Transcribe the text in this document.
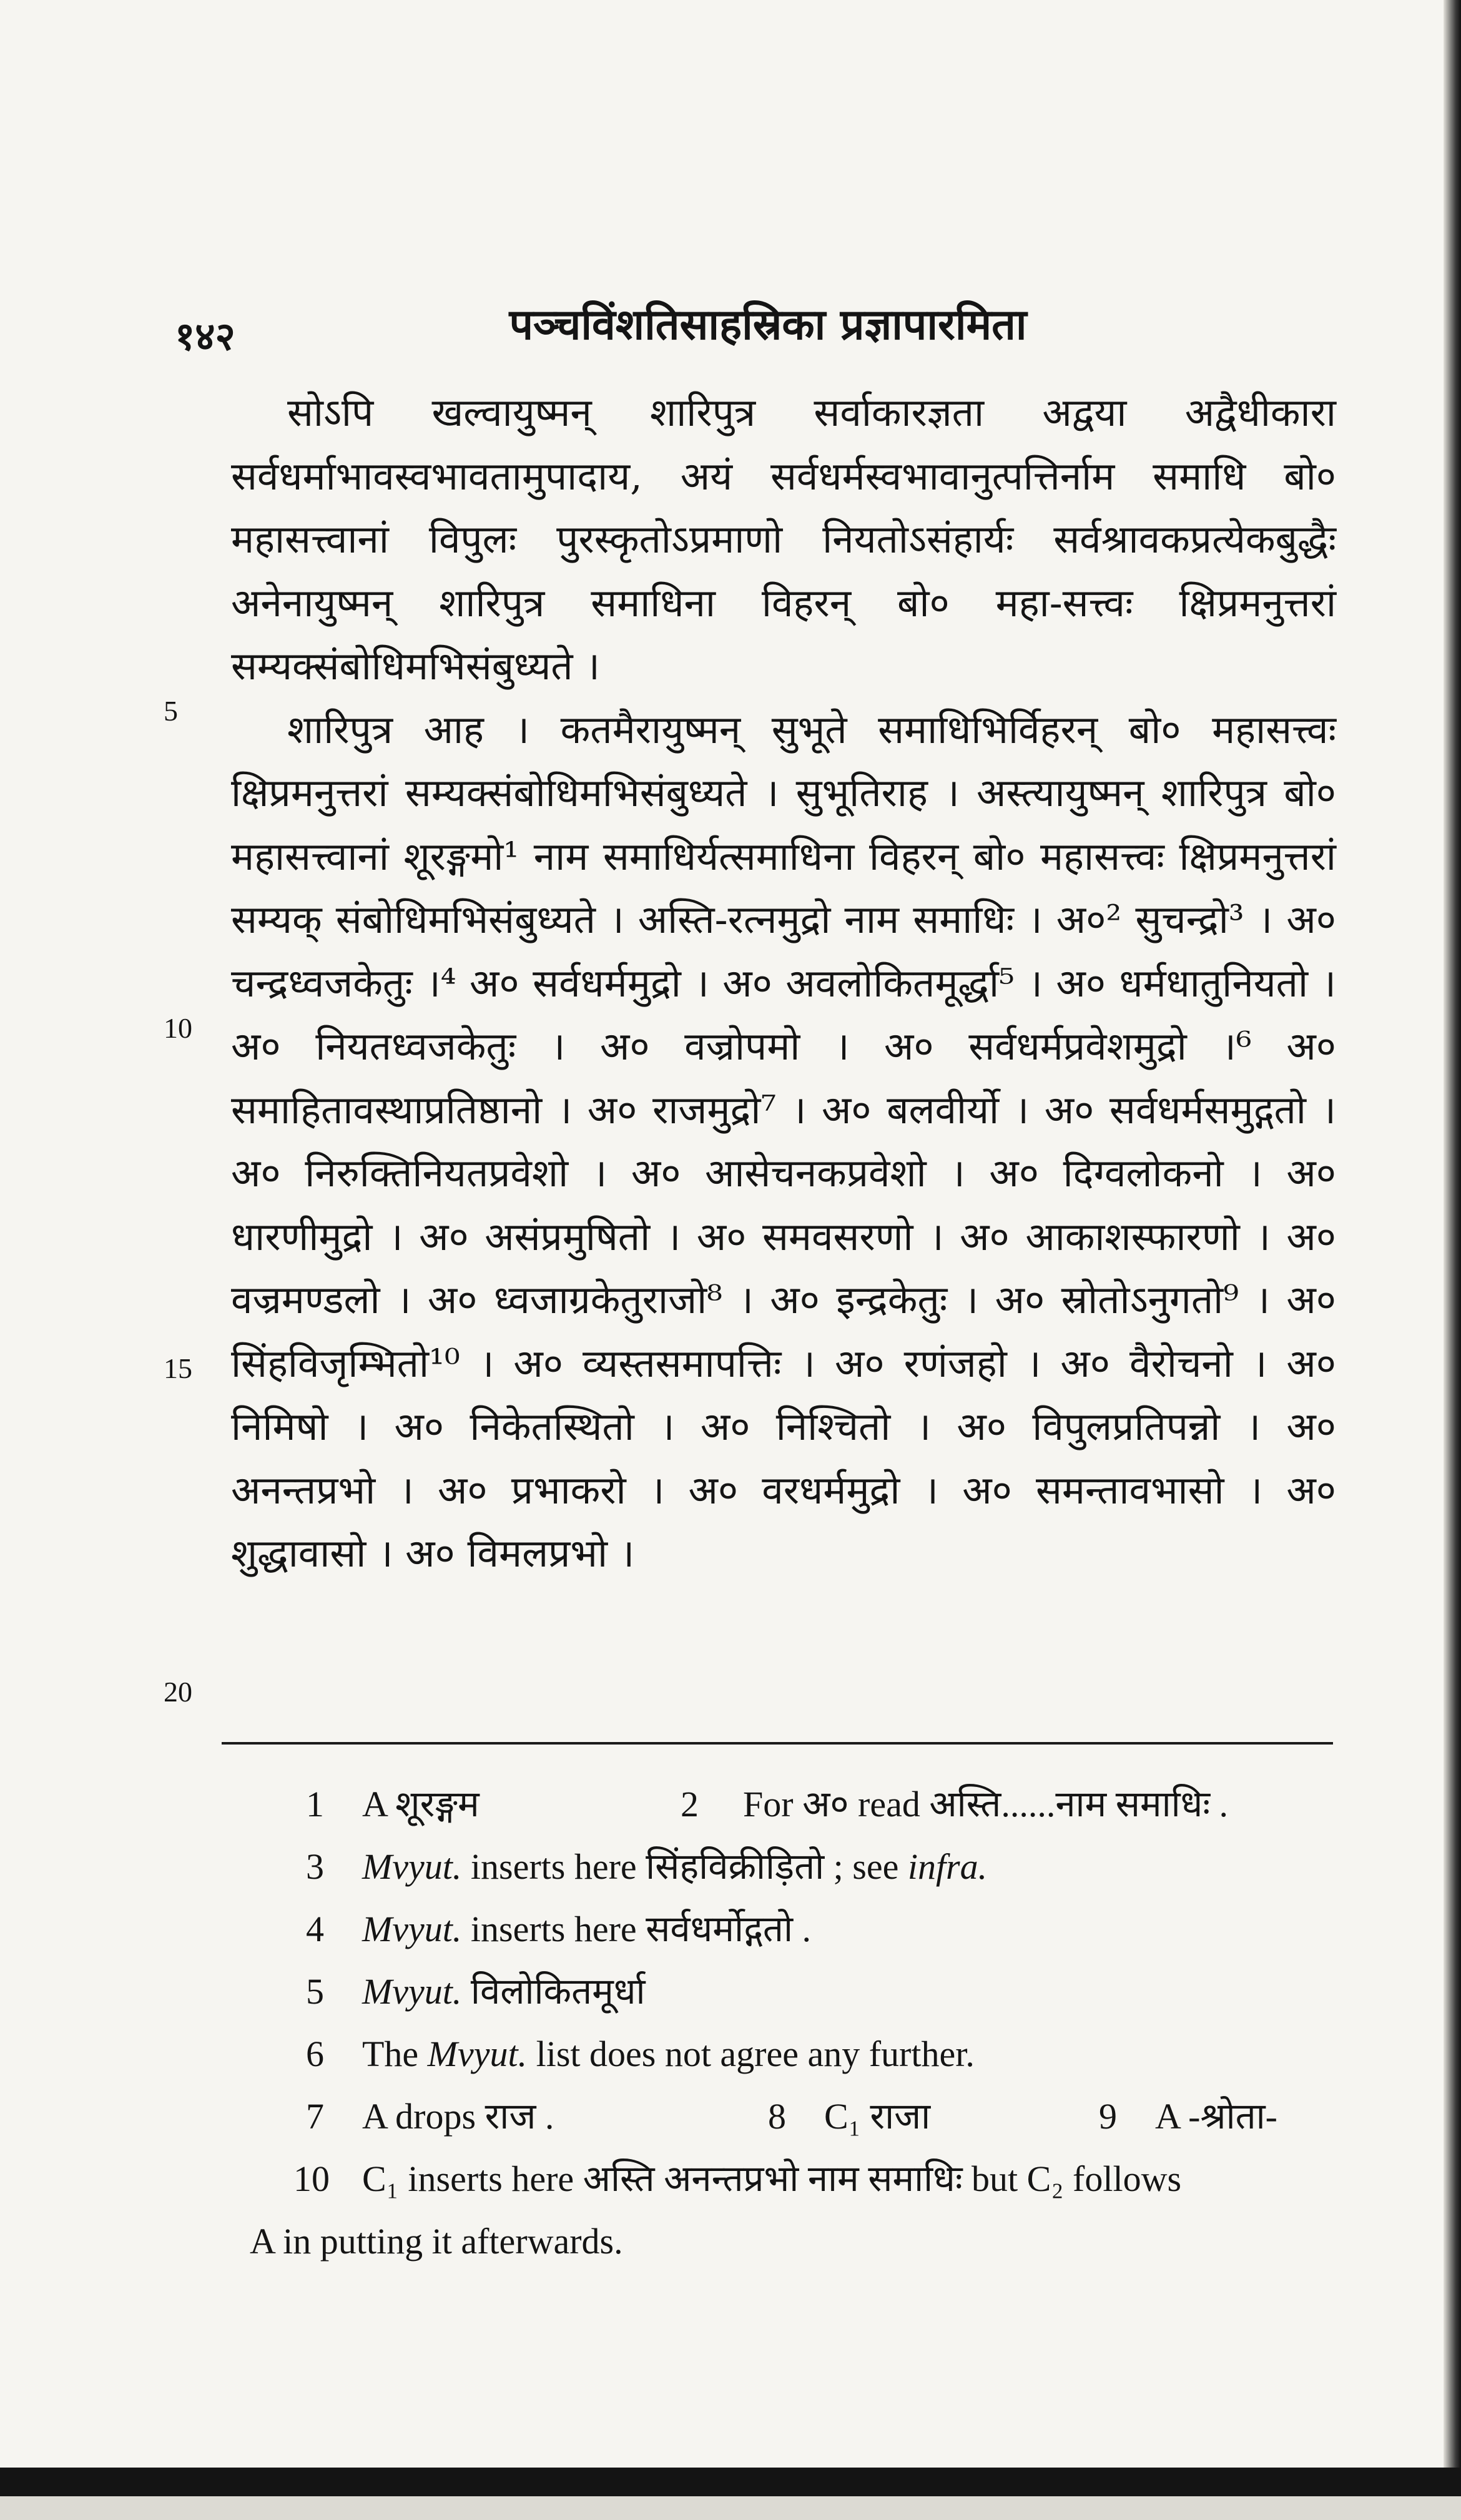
१४२	पञ्चविंशतिसाहस्रिका प्रज्ञापारमिता
5
10
15
20

सोऽपि खल्वायुष्मन् शारिपुत्र सर्वाकारज्ञता अद्वया अद्वैधीकारा सर्वधर्माभावस्वभावतामुपादाय, अयं सर्वधर्मस्वभावानुत्पत्तिर्नाम समाधि बो० महासत्त्वानां विपुलः पुरस्कृतोऽप्रमाणो नियतोऽसंहार्यः सर्वश्रावकप्रत्येकबुद्धैः अनेनायुष्मन् शारिपुत्र समाधिना विहरन् बो० महा-सत्त्वः क्षिप्रमनुत्तरां सम्यक्संबोधिमभिसंबुध्यते ।

शारिपुत्र आह । कतमैरायुष्मन् सुभूते समाधिभिर्विहरन् बो० महासत्त्वः क्षिप्रमनुत्तरां सम्यक्संबोधिमभिसंबुध्यते । सुभूतिराह । अस्त्यायुष्मन् शारिपुत्र बो० महासत्त्वानां शूरङ्गमो¹ नाम समाधिर्यत्समाधिना विहरन् बो० महासत्त्वः क्षिप्रमनुत्तरां सम्यक् संबोधिमभिसंबुध्यते । अस्ति-रत्नमुद्रो नाम समाधिः । अ०² सुचन्द्रो³ । अ० चन्द्रध्वजकेतुः ।⁴ अ० सर्वधर्ममुद्रो । अ० अवलोकितमूर्द्धा⁵ । अ० धर्मधातुनियतो । अ० नियतध्वजकेतुः । अ० वज्रोपमो । अ० सर्वधर्मप्रवेशमुद्रो ।⁶ अ० समाहितावस्थाप्रतिष्ठानो । अ० राजमुद्रो⁷ । अ० बलवीर्यो । अ० सर्वधर्मसमुद्गतो । अ० निरुक्तिनियतप्रवेशो । अ० आसेचनकप्रवेशो । अ० दिग्वलोकनो । अ० धारणीमुद्रो । अ० असंप्रमुषितो । अ० समवसरणो । अ० आकाशस्फारणो । अ० वज्रमण्डलो । अ० ध्वजाग्रकेतुराजो⁸ । अ० इन्द्रकेतुः । अ० स्रोतोऽनुगतो⁹ । अ० सिंहविजृम्भितो¹⁰ । अ० व्यस्तसमापत्तिः । अ० रणंजहो । अ० वैरोचनो । अ० निमिषो । अ० निकेतस्थितो । अ० निश्चितो । अ० विपुलप्रतिपन्नो । अ० अनन्तप्रभो । अ० प्रभाकरो । अ० वरधर्ममुद्रो । अ० समन्तावभासो । अ० शुद्धावासो । अ० विमलप्रभो ।

1 A शूरङ्गम	2 For अ० read अस्ति......नाम समाधिः .
3 Mvyut. inserts here सिंहविक्रीड़ितो ; see infra.
4 Mvyut. inserts here सर्वधर्मोद्गतो .
5 Mvyut. विलोकितमूर्धा
6 The Mvyut. list does not agree any further.
7 A drops राज .	8 C₁ राजा	9 A -श्रोता-
10 C₁ inserts here अस्ति अनन्तप्रभो नाम समाधिः but C₂ follows
A in putting it afterwards.
